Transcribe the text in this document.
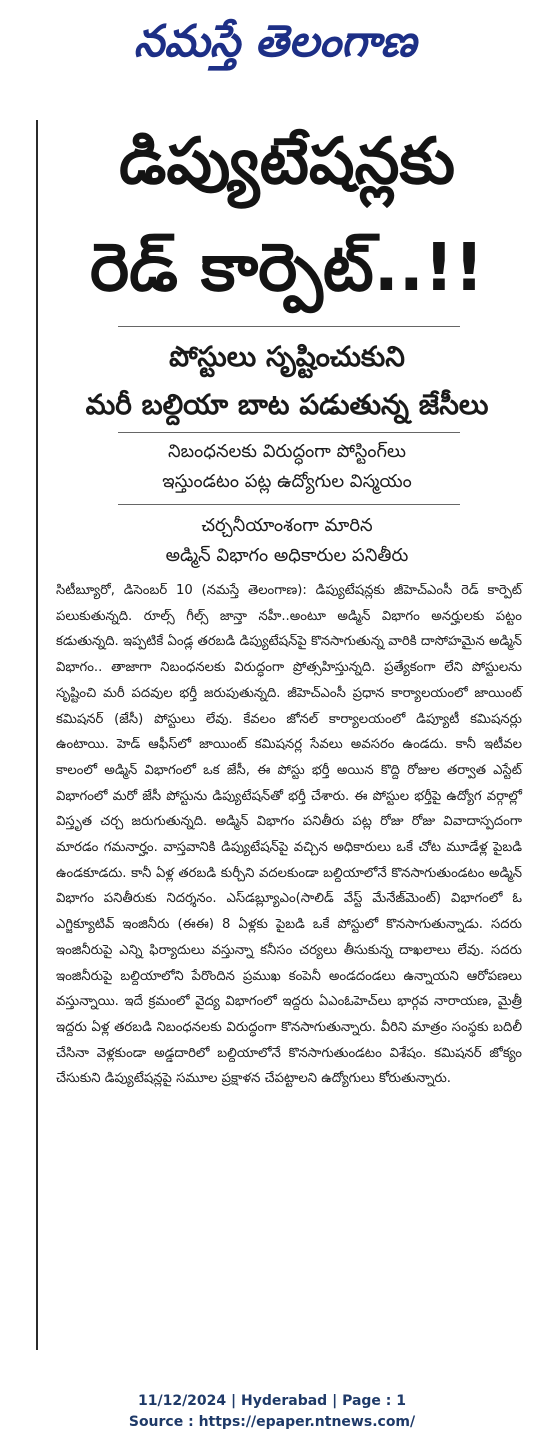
నమస్తే తెలంగాణ
డిప్యుటేషన్లకు
రెడ్ కార్పెట్..!!
పోస్టులు సృష్టించుకుని
మరీ బల్దియా బాట పడుతున్న జేసీలు

నిబంధనలకు విరుద్ధంగా పోస్టింగ్‌లు

ఇస్తుండటం పట్ల ఉద్యోగుల విస్మయం

చర్చనీయాంశంగా మారిన

అడ్మిన్ విభాగం అధికారుల పనితీరు

సిటీబ్యూరో, డిసెంబర్ 10 (నమస్తే తెలంగాణ): డిప్యుటేషన్లకు జీహెచ్ఎంసీ రెడ్ కార్పెట్ పలుకుతున్నది. రూల్స్ గీల్స్ జాన్తా నహీ..అంటూ అడ్మిన్ విభాగం అనర్హులకు పట్టం కడుతున్నది. ఇప్పటికే ఏండ్ల తరబడి డిప్యుటేషన్‌పై కొనసాగుతున్న వారికి దాసోహమైన అడ్మిన్ విభాగం.. తాజాగా నిబంధనలకు విరుద్ధంగా ప్రోత్సహిస్తున్నది. ప్రత్యేకంగా లేని పోస్టులను సృష్టించి మరీ పదవుల భర్తీ జరుపుతున్నది. జీహెచ్ఎంసీ ప్రధాన కార్యాలయంలో జాయింట్ కమిషనర్ (జేసీ) పోస్టులు లేవు. కేవలం జోనల్ కార్యాలయంలో డిప్యూటీ కమిషనర్లు ఉంటాయి. హెడ్ ఆఫీస్‌లో జాయింట్ కమిషనర్ల సేవలు అవసరం ఉండదు. కానీ ఇటీవల కాలంలో అడ్మిన్ విభాగంలో ఒక జేసీ, ఈ పోస్టు భర్తీ అయిన కొద్ది రోజుల తర్వాత ఎస్టేట్ విభాగంలో మరో జేసీ పోస్టును డిప్యుటేషన్‌తో భర్తీ చేశారు. ఈ పోస్టుల భర్తీపై ఉద్యోగ వర్గాల్లో విస్తృత చర్చ జరుగుతున్నది. అడ్మిన్ విభాగం పనితీరు పట్ల రోజు రోజు వివాదాస్పదంగా మారడం గమనార్హం. వాస్తవానికి డిప్యుటేషన్‌పై వచ్చిన అధికారులు ఒకే చోట మూడేళ్ల పైబడి ఉండకూడదు. కానీ ఏళ్ల తరబడి కుర్చీని వదలకుండా బల్దియాలోనే కొనసాగుతుండటం అడ్మిన్ విభాగం పనితీరుకు నిదర్శనం. ఎస్‌డబ్ల్యూఎం(సాలిడ్ వేస్ట్ మేనేజ్‌మెంట్) విభాగంలో ఓ ఎగ్జిక్యూటివ్ ఇంజినీరు (ఈఈ) 8 ఏళ్లకు పైబడి ఒకే పోస్టులో కొనసాగుతున్నాడు. సదరు ఇంజినీరుపై ఎన్ని ఫిర్యాదులు వస్తున్నా కనీసం చర్యలు తీసుకున్న దాఖలాలు లేవు. సదరు ఇంజినీరుపై బల్దియాలోని పేరొందిన ప్రముఖ కంపెనీ అండదండలు ఉన్నాయని ఆరోపణలు వస్తున్నాయి. ఇదే క్రమంలో వైద్య విభాగంలో ఇద్దరు ఏఎంఓహెచ్‌లు భార్గవ నారాయణ, మైత్రీ ఇద్దరు ఏళ్ల తరబడి నిబంధనలకు విరుద్ధంగా కొనసాగుతున్నారు. వీరిని మాత్రం సంస్థకు బదిలీ చేసినా వెళ్లకుండా అడ్డదారిలో బల్దియాలోనే కొనసాగుతుండటం విశేషం. కమిషనర్ జోక్యం చేసుకుని డిప్యుటేషన్లపై సమూల ప్రక్షాళన చేపట్టాలని ఉద్యోగులు కోరుతున్నారు.

11/12/2024 | Hyderabad | Page : 1

Source : https://epaper.ntnews.com/
